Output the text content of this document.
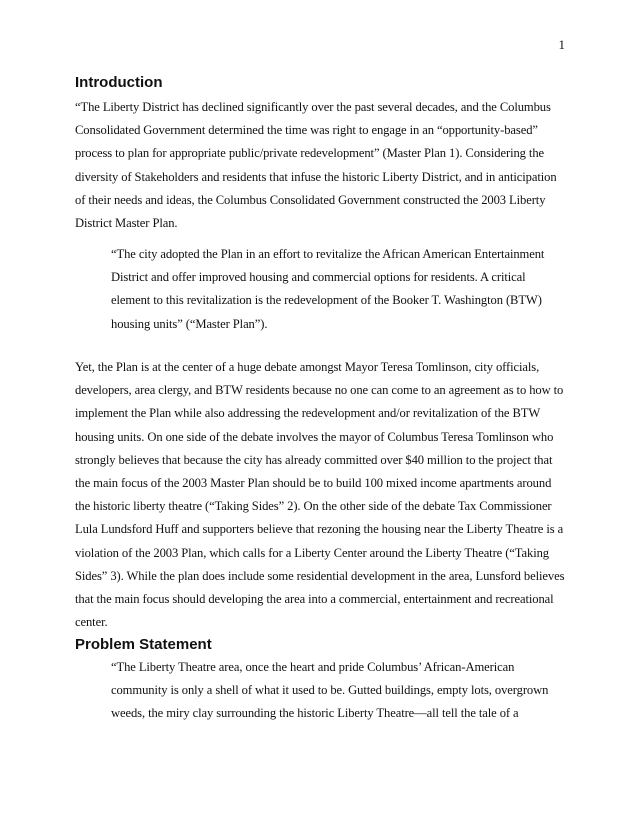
1
Introduction

“The Liberty District has declined significantly over the past several decades, and the Columbus Consolidated Government determined the time was right to engage in an “opportunity-based” process to plan for appropriate public/private redevelopment” (Master Plan 1). Considering the diversity of Stakeholders and residents that infuse the historic Liberty District, and in anticipation of their needs and ideas, the Columbus Consolidated Government constructed the 2003 Liberty District Master Plan.

“The city adopted the Plan in an effort to revitalize the African American Entertainment District and offer improved housing and commercial options for residents. A critical element to this revitalization is the redevelopment of the Booker T. Washington (BTW) housing units” (“Master Plan”).

Yet, the Plan is at the center of a huge debate amongst Mayor Teresa Tomlinson, city officials, developers, area clergy, and BTW residents because no one can come to an agreement as to how to implement the Plan while also addressing the redevelopment and/or revitalization of the BTW housing units. On one side of the debate involves the mayor of Columbus Teresa Tomlinson who strongly believes that because the city has already committed over $40 million to the project that the main focus of the 2003 Master Plan should be to build 100 mixed income apartments around the historic liberty theatre (“Taking Sides” 2). On the other side of the debate Tax Commissioner Lula Lundsford Huff and supporters believe that rezoning the housing near the Liberty Theatre is a violation of the 2003 Plan, which calls for a Liberty Center around the Liberty Theatre (“Taking Sides” 3). While the plan does include some residential development in the area, Lunsford believes that the main focus should developing the area into a commercial, entertainment and recreational center.

Problem Statement

“The Liberty Theatre area, once the heart and pride Columbus’ African-American community is only a shell of what it used to be. Gutted buildings, empty lots, overgrown weeds, the miry clay surrounding the historic Liberty Theatre—all tell the tale of a
